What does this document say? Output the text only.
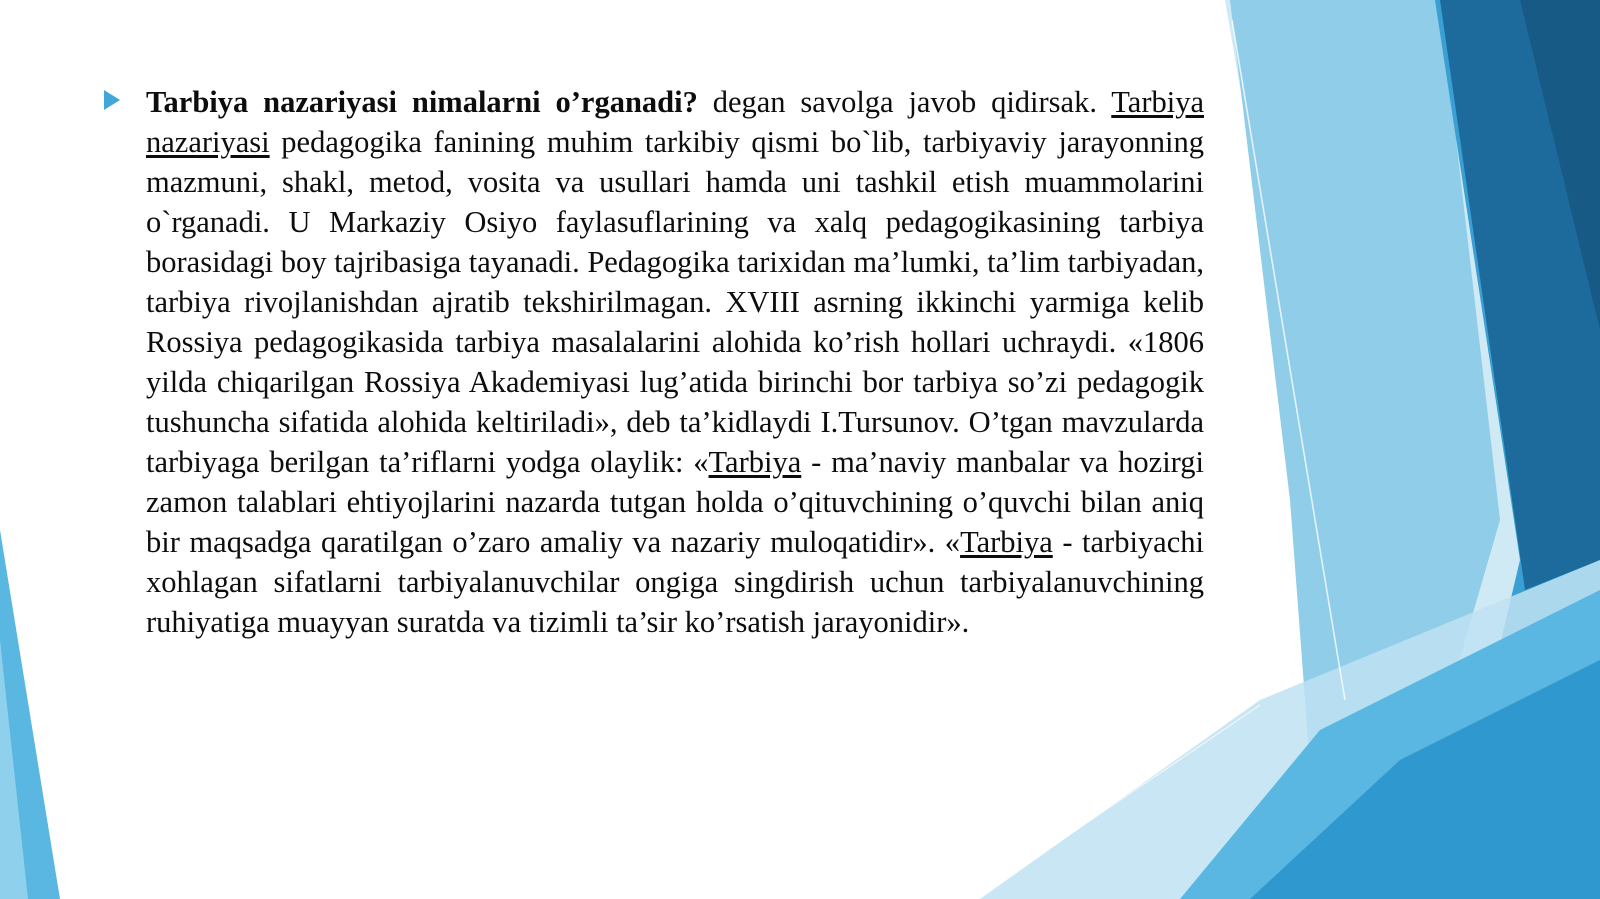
Tarbiya nazariyasi nimalarni o’rganadi? degan savolga javob qidirsak. Tarbiya nazariyasi pedagogika fanining muhim tarkibiy qismi bo`lib, tarbiyaviy jarayonning mazmuni, shakl, metod, vosita va usullari hamda uni tashkil etish muammolarini o`rganadi. U Markaziy Osiyo faylasuflarining va xalq pedagogikasining tarbiya borasidagi boy tajribasiga tayanadi. Pedagogika tarixidan ma’lumki, ta’lim tarbiyadan, tarbiya rivojlanishdan ajratib tekshirilmagan. XVIII asrning ikkinchi yarmiga kelib Rossiya pedagogikasida tarbiya masalalarini alohida ko’rish hollari uchraydi. «1806 yilda chiqarilgan Rossiya Akademiyasi lug’atida birinchi bor tarbiya so’zi pedagogik tushuncha sifatida alohida keltiriladi», deb ta’kidlaydi I.Tursunov. O’tgan mavzularda tarbiyaga berilgan ta’riflarni yodga olaylik: «Tarbiya - ma’naviy manbalar va hozirgi zamon talablari ehtiyojlarini nazarda tutgan holda o’qituvchining o’quvchi bilan aniq bir maqsadga qaratilgan o’zaro amaliy va nazariy muloqatidir». «Tarbiya - tarbiyachi xohlagan sifatlarni tarbiyalanuvchilar ongiga singdirish uchun tarbiyalanuvchining ruhiyatiga muayyan suratda va tizimli ta’sir ko’rsatish jarayonidir».
